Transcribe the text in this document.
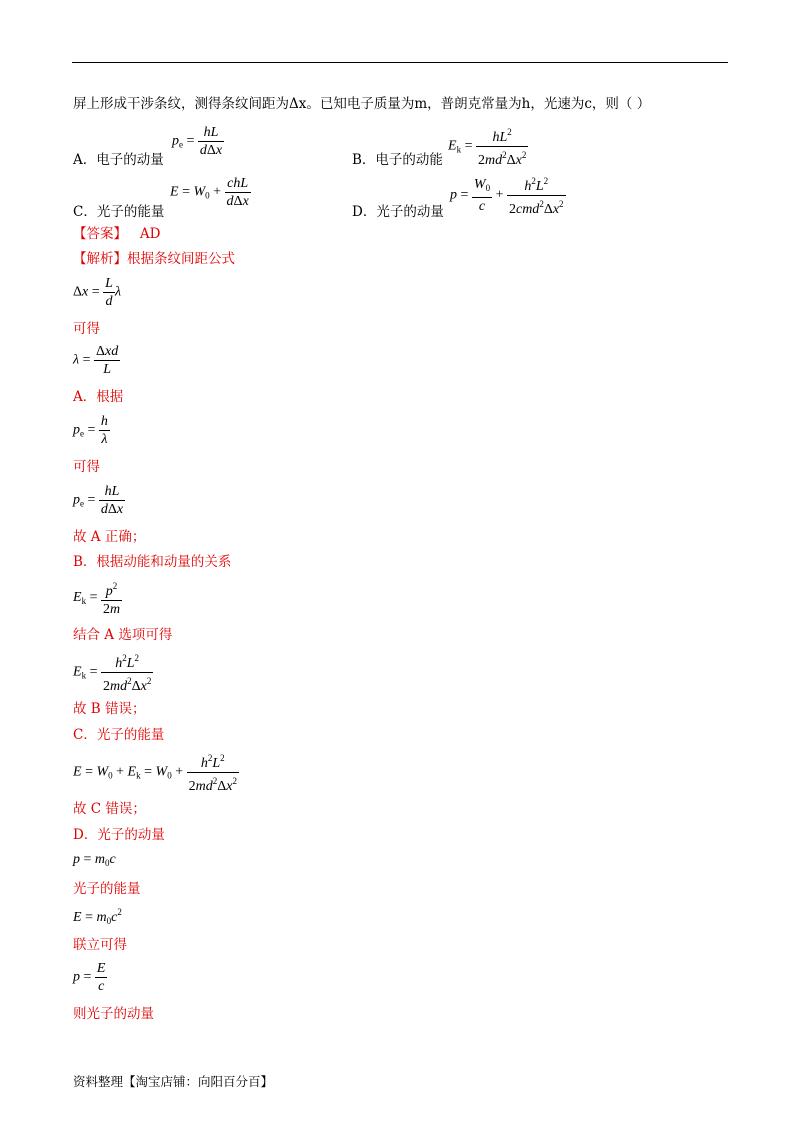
屏上形成干涉条纹，测得条纹间距为Δx。已知电子质量为m，普朗克常量为h，光速为c，则（ ）
A．电子的动量
$p_e = \frac{hL}{\text{dΔx}}$
B．电子的动能
$E_k = \frac{hL^2}{2md^2\Delta x^2}$
C．光子的能量
$E = W_0 + \frac{\text{chL}}{\text{dΔx}}$
D．光子的动量
$p = \frac{W_0}{c} + \frac{h^2L^2}{2cmd^2\Delta x^2}$
【答案】 AD
【解析】根据条纹间距公式
$\Delta x = \frac{L}{d}$ λ
可得
$\lambda = \frac{\text{Δxd}}{L}$
A．根据
$p_e = \frac{h}{\lambda}$
可得
$p_e = \frac{hL}{\text{dΔx}}$
故 A 正确；
B．根据动能和动量的关系
$E_k = \frac{p^2}{2m}$
结合 A 选项可得
$E_k = \frac{h^2L^2}{2md^2\Delta x^2}$
故 B 错误；
C．光子的能量
$E = W_0 + E_k = W_0 + \frac{h^2L^2}{2md^2\Delta x^2}$
故 C 错误；
D．光子的动量
$p = m_0c$
光子的能量
$E = m_0c^2$
联立可得
$p = \frac{E}{c}$
则光子的动量
资料整理【淘宝店铺：向阳百分百】
